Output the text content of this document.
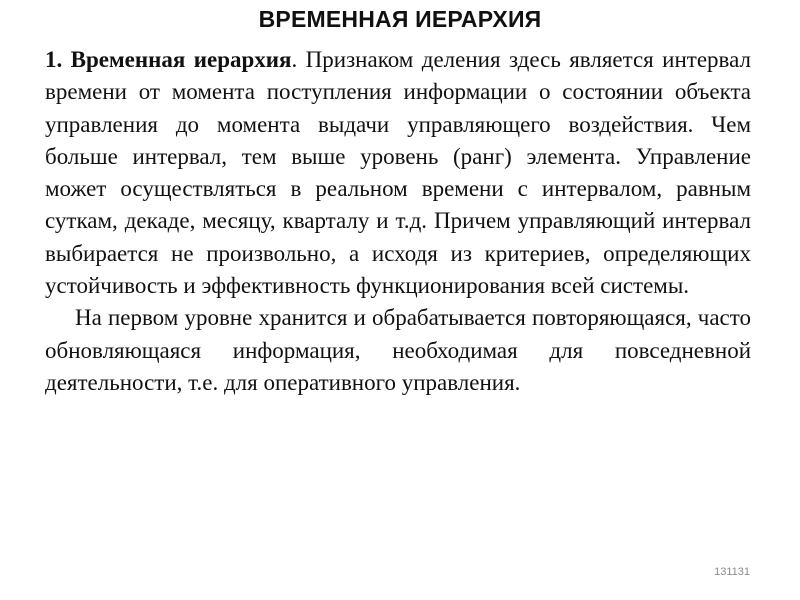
ВРЕМЕННАЯ ИЕРАРХИЯ

1. Временная иерархия. Признаком деления здесь является интервал времени от момента поступления информации о состоянии объекта управления до момента выдачи управляющего воздействия. Чем больше интервал, тем выше уровень (ранг) элемента. Управление может осуществляться в реальном времени с интервалом, равным суткам, декаде, месяцу, кварталу и т.д. Причем управляющий интервал выбирается не произвольно, а исходя из критериев, определяющих устойчивость и эффективность функционирования всей системы.

На первом уровне хранится и обрабатывается повторяющаяся, часто обновляющаяся информация, необходимая для повседневной деятельности, т.е. для оперативного управления.

131131
